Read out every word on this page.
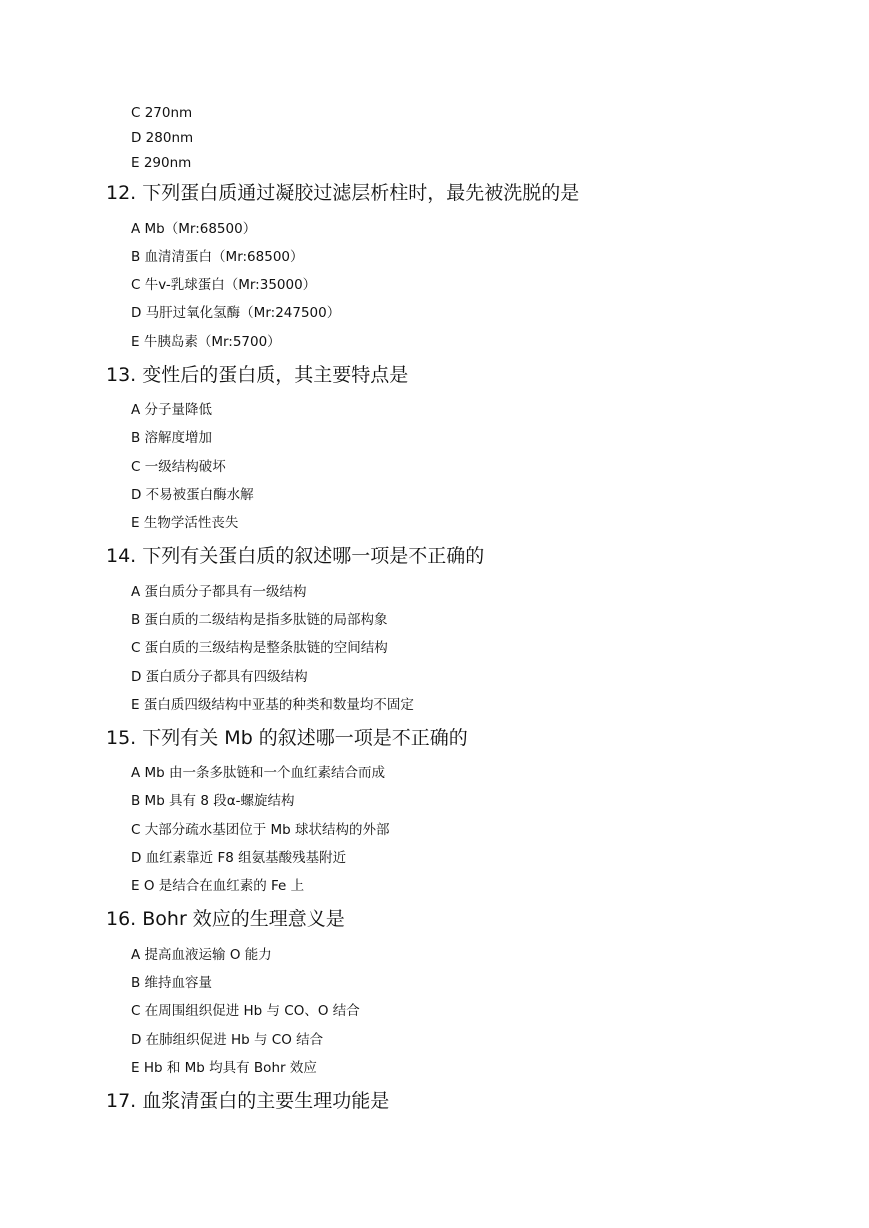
C 270nm
D 280nm
E 290nm
12. 下列蛋白质通过凝胶过滤层析柱时，最先被洗脱的是
A Mb（Mr:68500）
B 血清清蛋白（Mr:68500）
C 牛v-乳球蛋白（Mr:35000）
D 马肝过氧化氢酶（Mr:247500）
E 牛胰岛素（Mr:5700）
13. 变性后的蛋白质，其主要特点是
A 分子量降低
B 溶解度增加
C 一级结构破坏
D 不易被蛋白酶水解
E 生物学活性丧失
14. 下列有关蛋白质的叙述哪一项是不正确的
A 蛋白质分子都具有一级结构
B 蛋白质的二级结构是指多肽链的局部构象
C 蛋白质的三级结构是整条肽链的空间结构
D 蛋白质分子都具有四级结构
E 蛋白质四级结构中亚基的种类和数量均不固定
15. 下列有关 Mb 的叙述哪一项是不正确的
A Mb 由一条多肽链和一个血红素结合而成
B Mb 具有 8 段α-螺旋结构
C 大部分疏水基团位于 Mb 球状结构的外部
D 血红素靠近 F8 组氨基酸残基附近
E O 是结合在血红素的 Fe 上
16. Bohr 效应的生理意义是
A 提高血液运输 O 能力
B 维持血容量
C 在周围组织促进 Hb 与 CO、O 结合
D 在肺组织促进 Hb 与 CO 结合
E Hb 和 Mb 均具有 Bohr 效应
17. 血浆清蛋白的主要生理功能是
